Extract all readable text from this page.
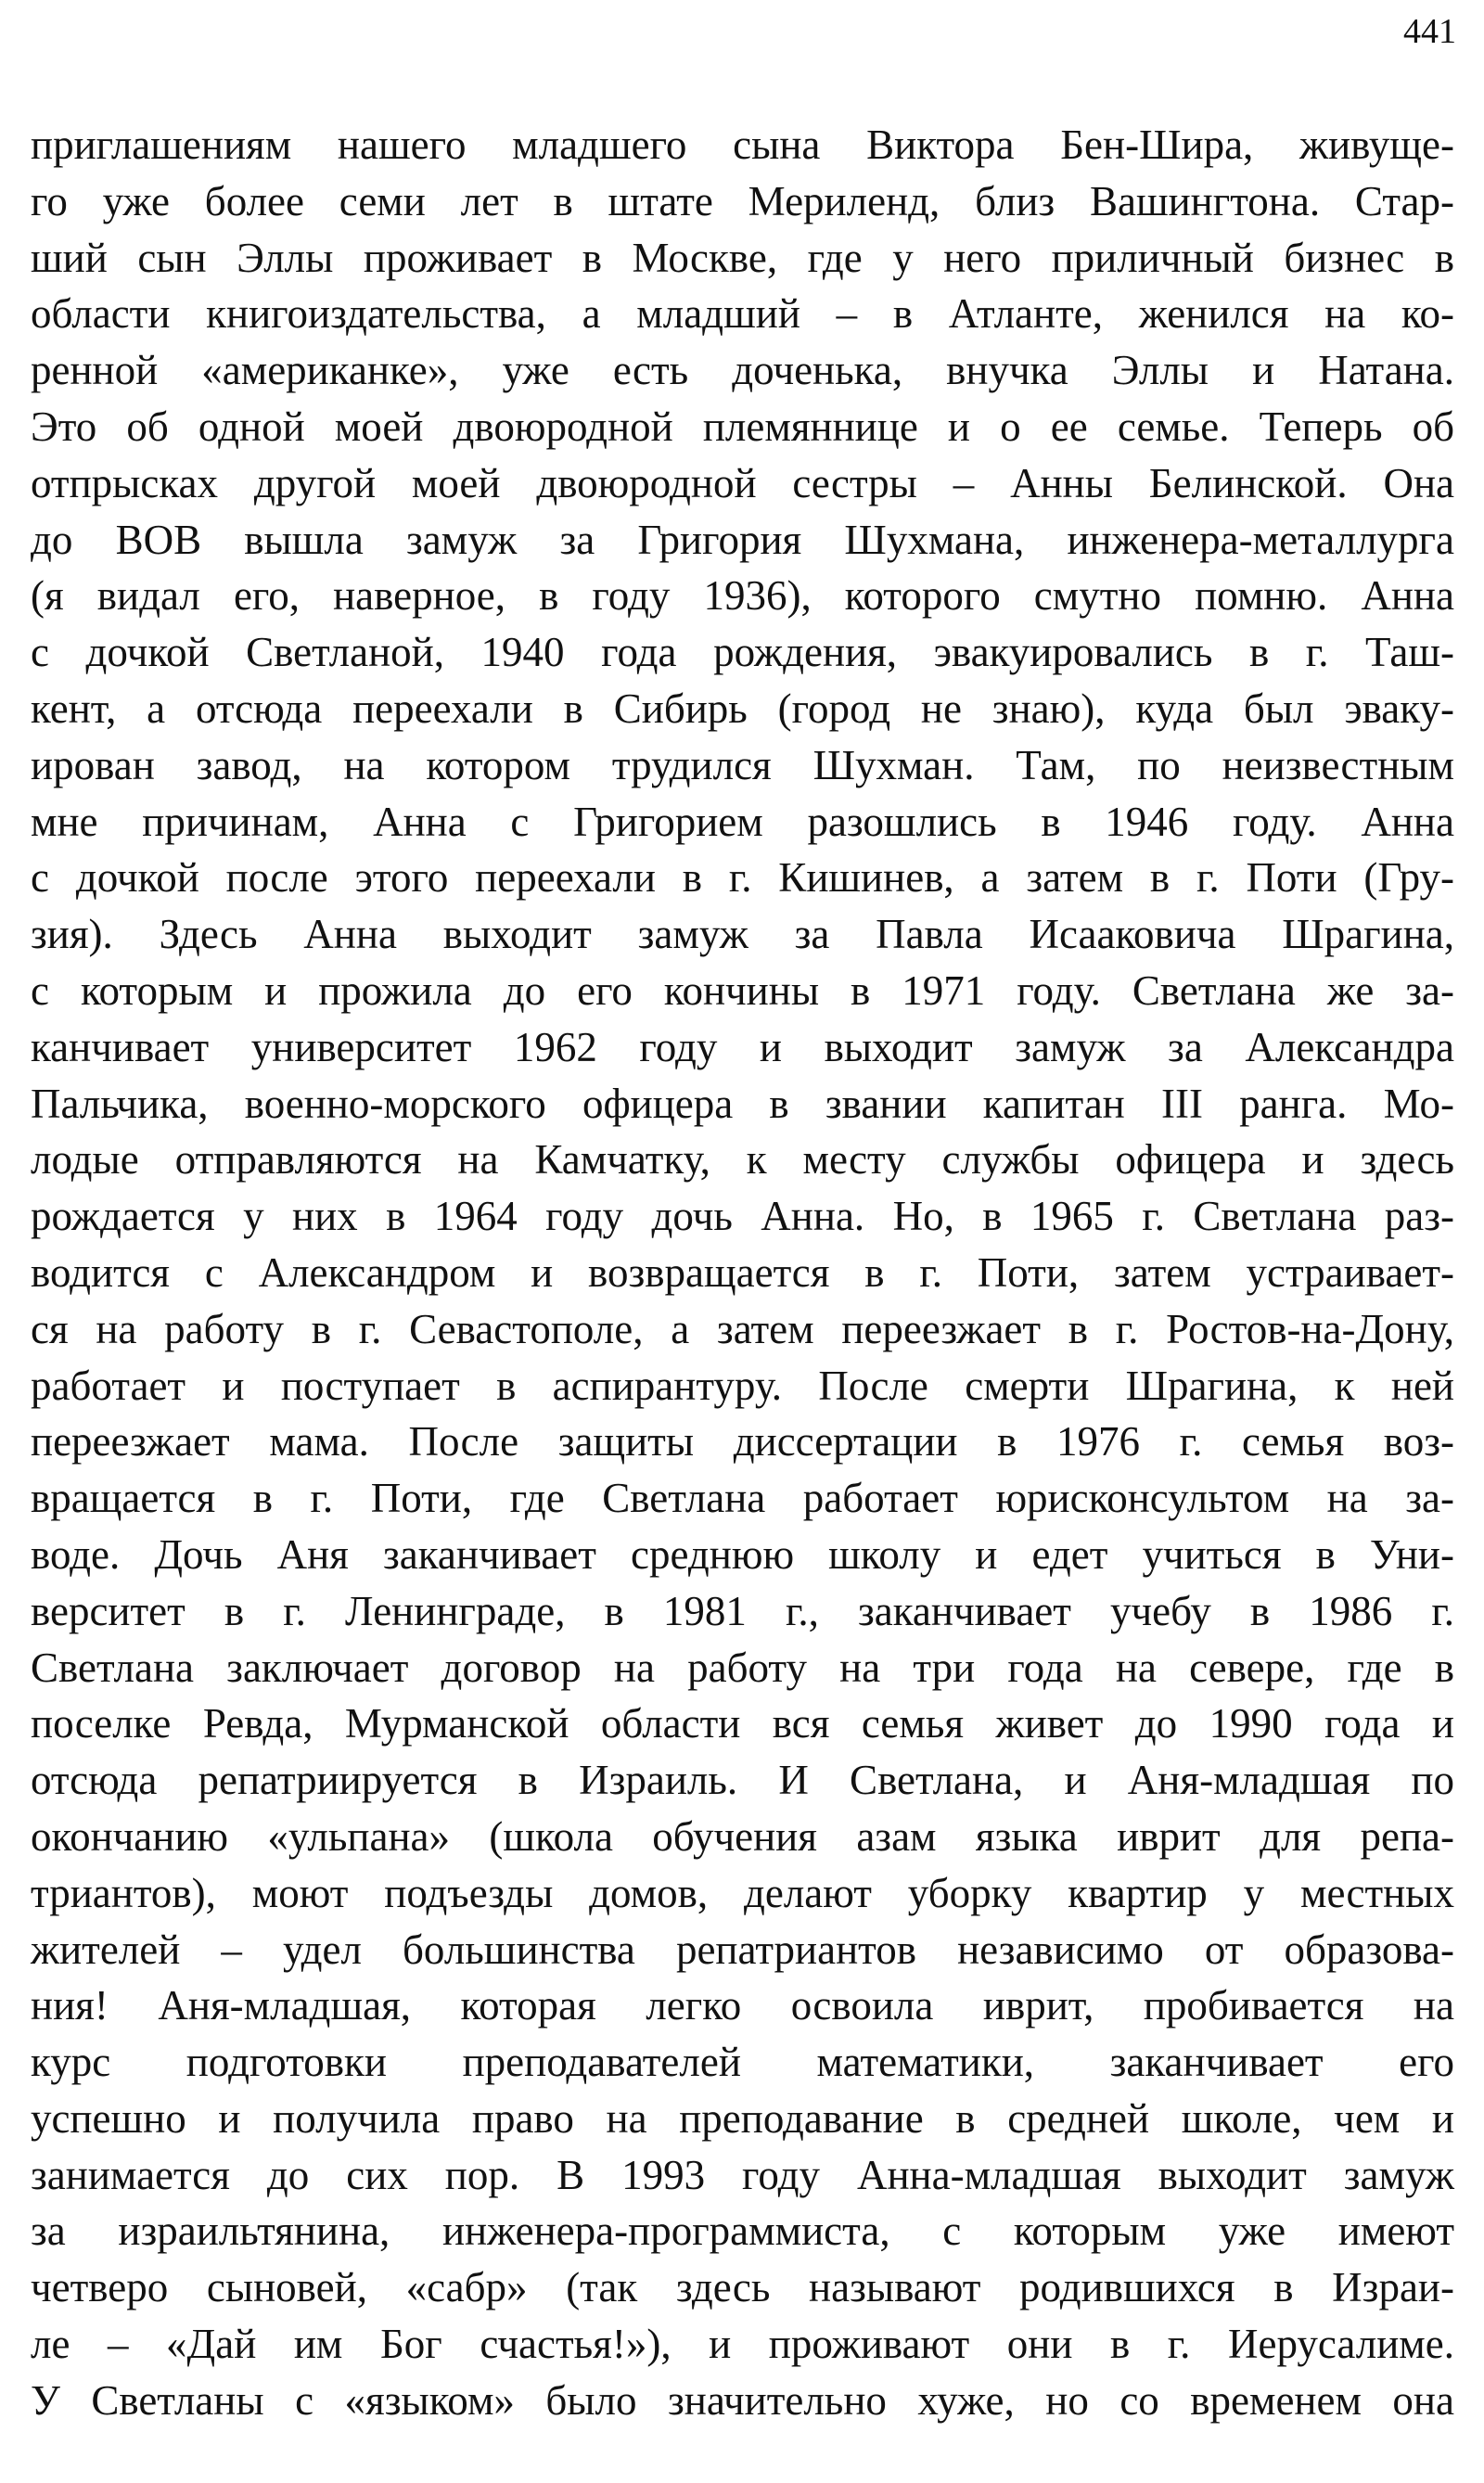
441
приглашениям нашего младшего сына Виктора Бен-Шира, живуще-
го уже более семи лет в штате Мериленд, близ Вашингтона. Стар-
ший сын Эллы проживает в Москве, где у него приличный бизнес в
области книгоиздательства, а младший – в Атланте, женился на ко-
ренной «американке», уже есть доченька, внучка Эллы и Натана.
Это об одной моей двоюродной племяннице и о ее семье. Теперь об
отпрысках другой моей двоюродной сестры – Анны Белинской. Она
до ВОВ вышла замуж за Григория Шухмана, инженера-металлурга
(я видал его, наверное, в году 1936), которого смутно помню. Анна
с дочкой Светланой, 1940 года рождения, эвакуировались в г. Таш-
кент, а отсюда переехали в Сибирь (город не знаю), куда был эваку-
ирован завод, на котором трудился Шухман. Там, по неизвестным
мне причинам, Анна с Григорием разошлись в 1946 году. Анна
с дочкой после этого переехали в г. Кишинев, а затем в г. Поти (Гру-
зия). Здесь Анна выходит замуж за Павла Исааковича Шрагина,
с которым и прожила до его кончины в 1971 году. Светлана же за-
канчивает университет 1962 году и выходит замуж за Александра
Пальчика, военно-морского офицера в звании капитан III ранга. Мо-
лодые отправляются на Камчатку, к месту службы офицера и здесь
рождается у них в 1964 году дочь Анна. Но, в 1965 г. Светлана раз-
водится с Александром и возвращается в г. Поти, затем устраивает-
ся на работу в г. Севастополе, а затем переезжает в г. Ростов-на-Дону,
работает и поступает в аспирантуру. После смерти Шрагина, к ней
переезжает мама. После защиты диссертации в 1976 г. семья воз-
вращается в г. Поти, где Светлана работает юрисконсультом на за-
воде. Дочь Аня заканчивает среднюю школу и едет учиться в Уни-
верситет в г. Ленинграде, в 1981 г., заканчивает учебу в 1986 г.
Светлана заключает договор на работу на три года на севере, где в
поселке Ревда, Мурманской области вся семья живет до 1990 года и
отсюда репатриируется в Израиль. И Светлана, и Аня-младшая по
окончанию «ульпана» (школа обучения азам языка иврит для репа-
триантов), моют подъезды домов, делают уборку квартир у местных
жителей – удел большинства репатриантов независимо от образова-
ния! Аня-младшая, которая легко освоила иврит, пробивается на
курс подготовки преподавателей математики, заканчивает его
успешно и получила право на преподавание в средней школе, чем и
занимается до сих пор. В 1993 году Анна-младшая выходит замуж
за израильтянина, инженера-программиста, с которым уже имеют
четверо сыновей, «сабр» (так здесь называют родившихся в Израи-
ле – «Дай им Бог счастья!»), и проживают они в г. Иерусалиме.
У Светланы с «языком» было значительно хуже, но со временем она
